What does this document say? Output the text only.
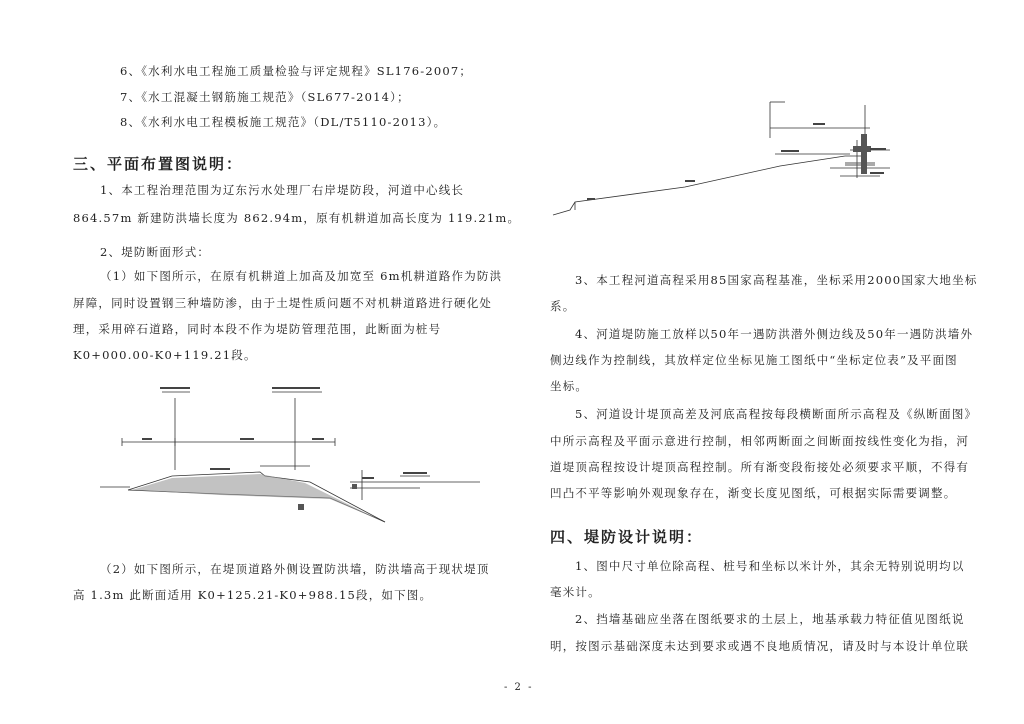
6、《水利水电工程施工质量检验与评定规程》SL176-2007；
7、《水工混凝土钢筋施工规范》（SL677-2014）；
8、《水利水电工程模板施工规范》（DL/T5110-2013）。
三、平面布置图说明：
1、本工程治理范围为辽东污水处理厂右岸堤防段，河道中心线长
864.57m 新建防洪墙长度为 862.94m，原有机耕道加高长度为 119.21m。
2、堤防断面形式：
（1）如下图所示，在原有机耕道上加高及加宽至 6m机耕道路作为防洪
屏障，同时设置钢三种墙防渗，由于土堤性质问题不对机耕道路进行硬化处
理，采用碎石道路，同时本段不作为堤防管理范围，此断面为桩号
K0+000.00-K0+119.21段。
（2）如下图所示，在堤顶道路外侧设置防洪墙，防洪墙高于现状堤顶
高 1.3m 此断面适用 K0+125.21-K0+988.15段，如下图。
3、本工程河道高程采用85国家高程基准，坐标采用2000国家大地坐标
系。
4、河道堤防施工放样以50年一遇防洪潜外侧边线及50年一遇防洪墙外
侧边线作为控制线，其放样定位坐标见施工图纸中“坐标定位表”及平面图
坐标。
5、河道设计堤顶高差及河底高程按每段横断面所示高程及《纵断面图》
中所示高程及平面示意进行控制，相邻两断面之间断面按线性变化为指，河
道堤顶高程按设计堤顶高程控制。所有渐变段衔接处必须要求平顺，不得有
凹凸不平等影响外观现象存在，渐变长度见图纸，可根据实际需要调整。
四、堤防设计说明：
1、图中尺寸单位除高程、桩号和坐标以米计外，其余无特别说明均以
毫米计。
2、挡墙基础应坐落在图纸要求的土层上，地基承载力特征值见图纸说
明，按图示基础深度未达到要求或遇不良地质情况，请及时与本设计单位联
- 2 -
